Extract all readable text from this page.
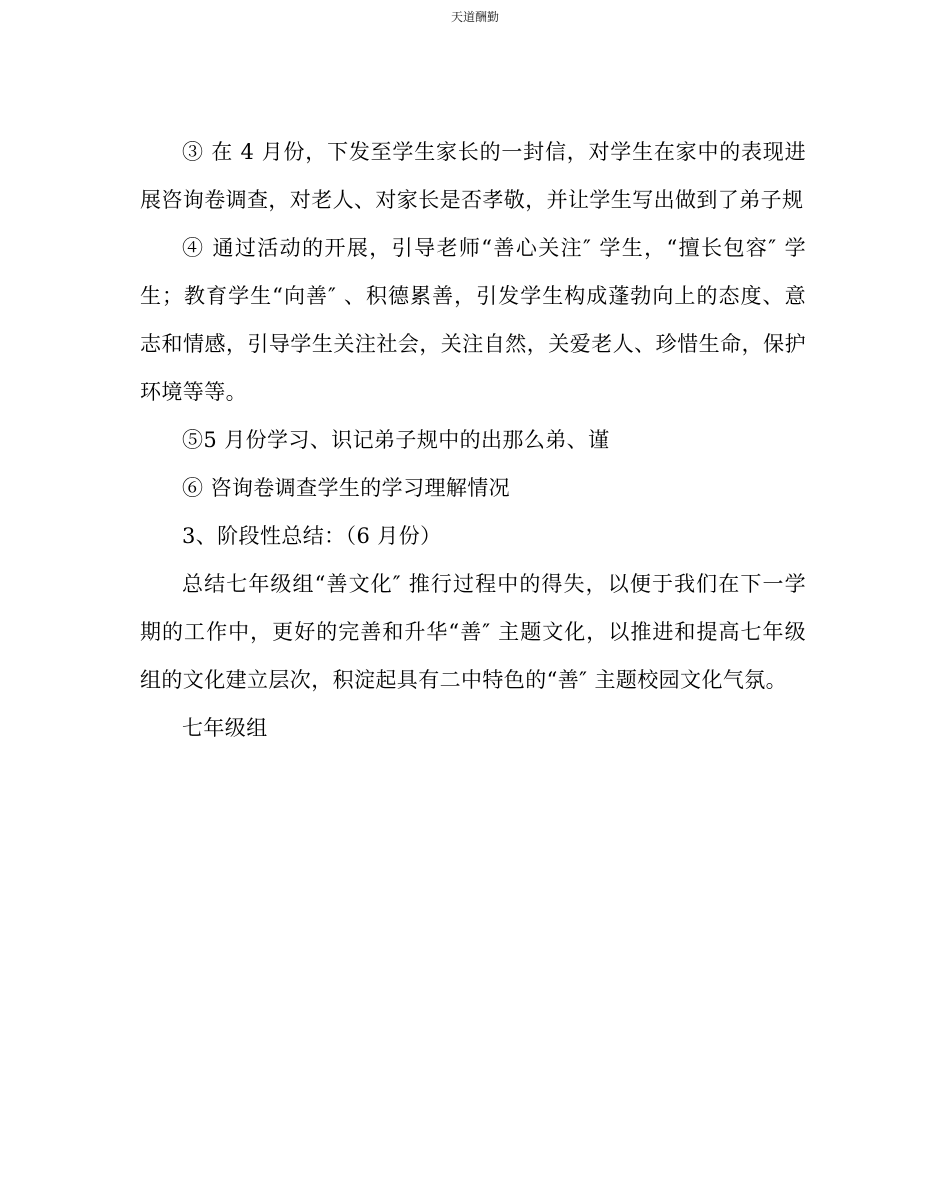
天道酬勤

③ 在 4 月份，下发至学生家长的一封信，对学生在家中的表现进展咨询卷调查，对老人、对家长是否孝敬，并让学生写出做到了弟子规

④ 通过活动的开展，引导老师“善心关注″ 学生，“擅长包容″ 学生；教育学生“向善″ 、积德累善，引发学生构成蓬勃向上的态度、意志和情感，引导学生关注社会，关注自然，关爱老人、珍惜生命，保护环境等等。

⑤5 月份学习、识记弟子规中的出那么弟、谨

⑥ 咨询卷调查学生的学习理解情况

3、阶段性总结：（6 月份）

总结七年级组“善文化″ 推行过程中的得失，以便于我们在下一学期的工作中，更好的完善和升华“善″ 主题文化，以推进和提高七年级组的文化建立层次，积淀起具有二中特色的“善″ 主题校园文化气氛。

七年级组
